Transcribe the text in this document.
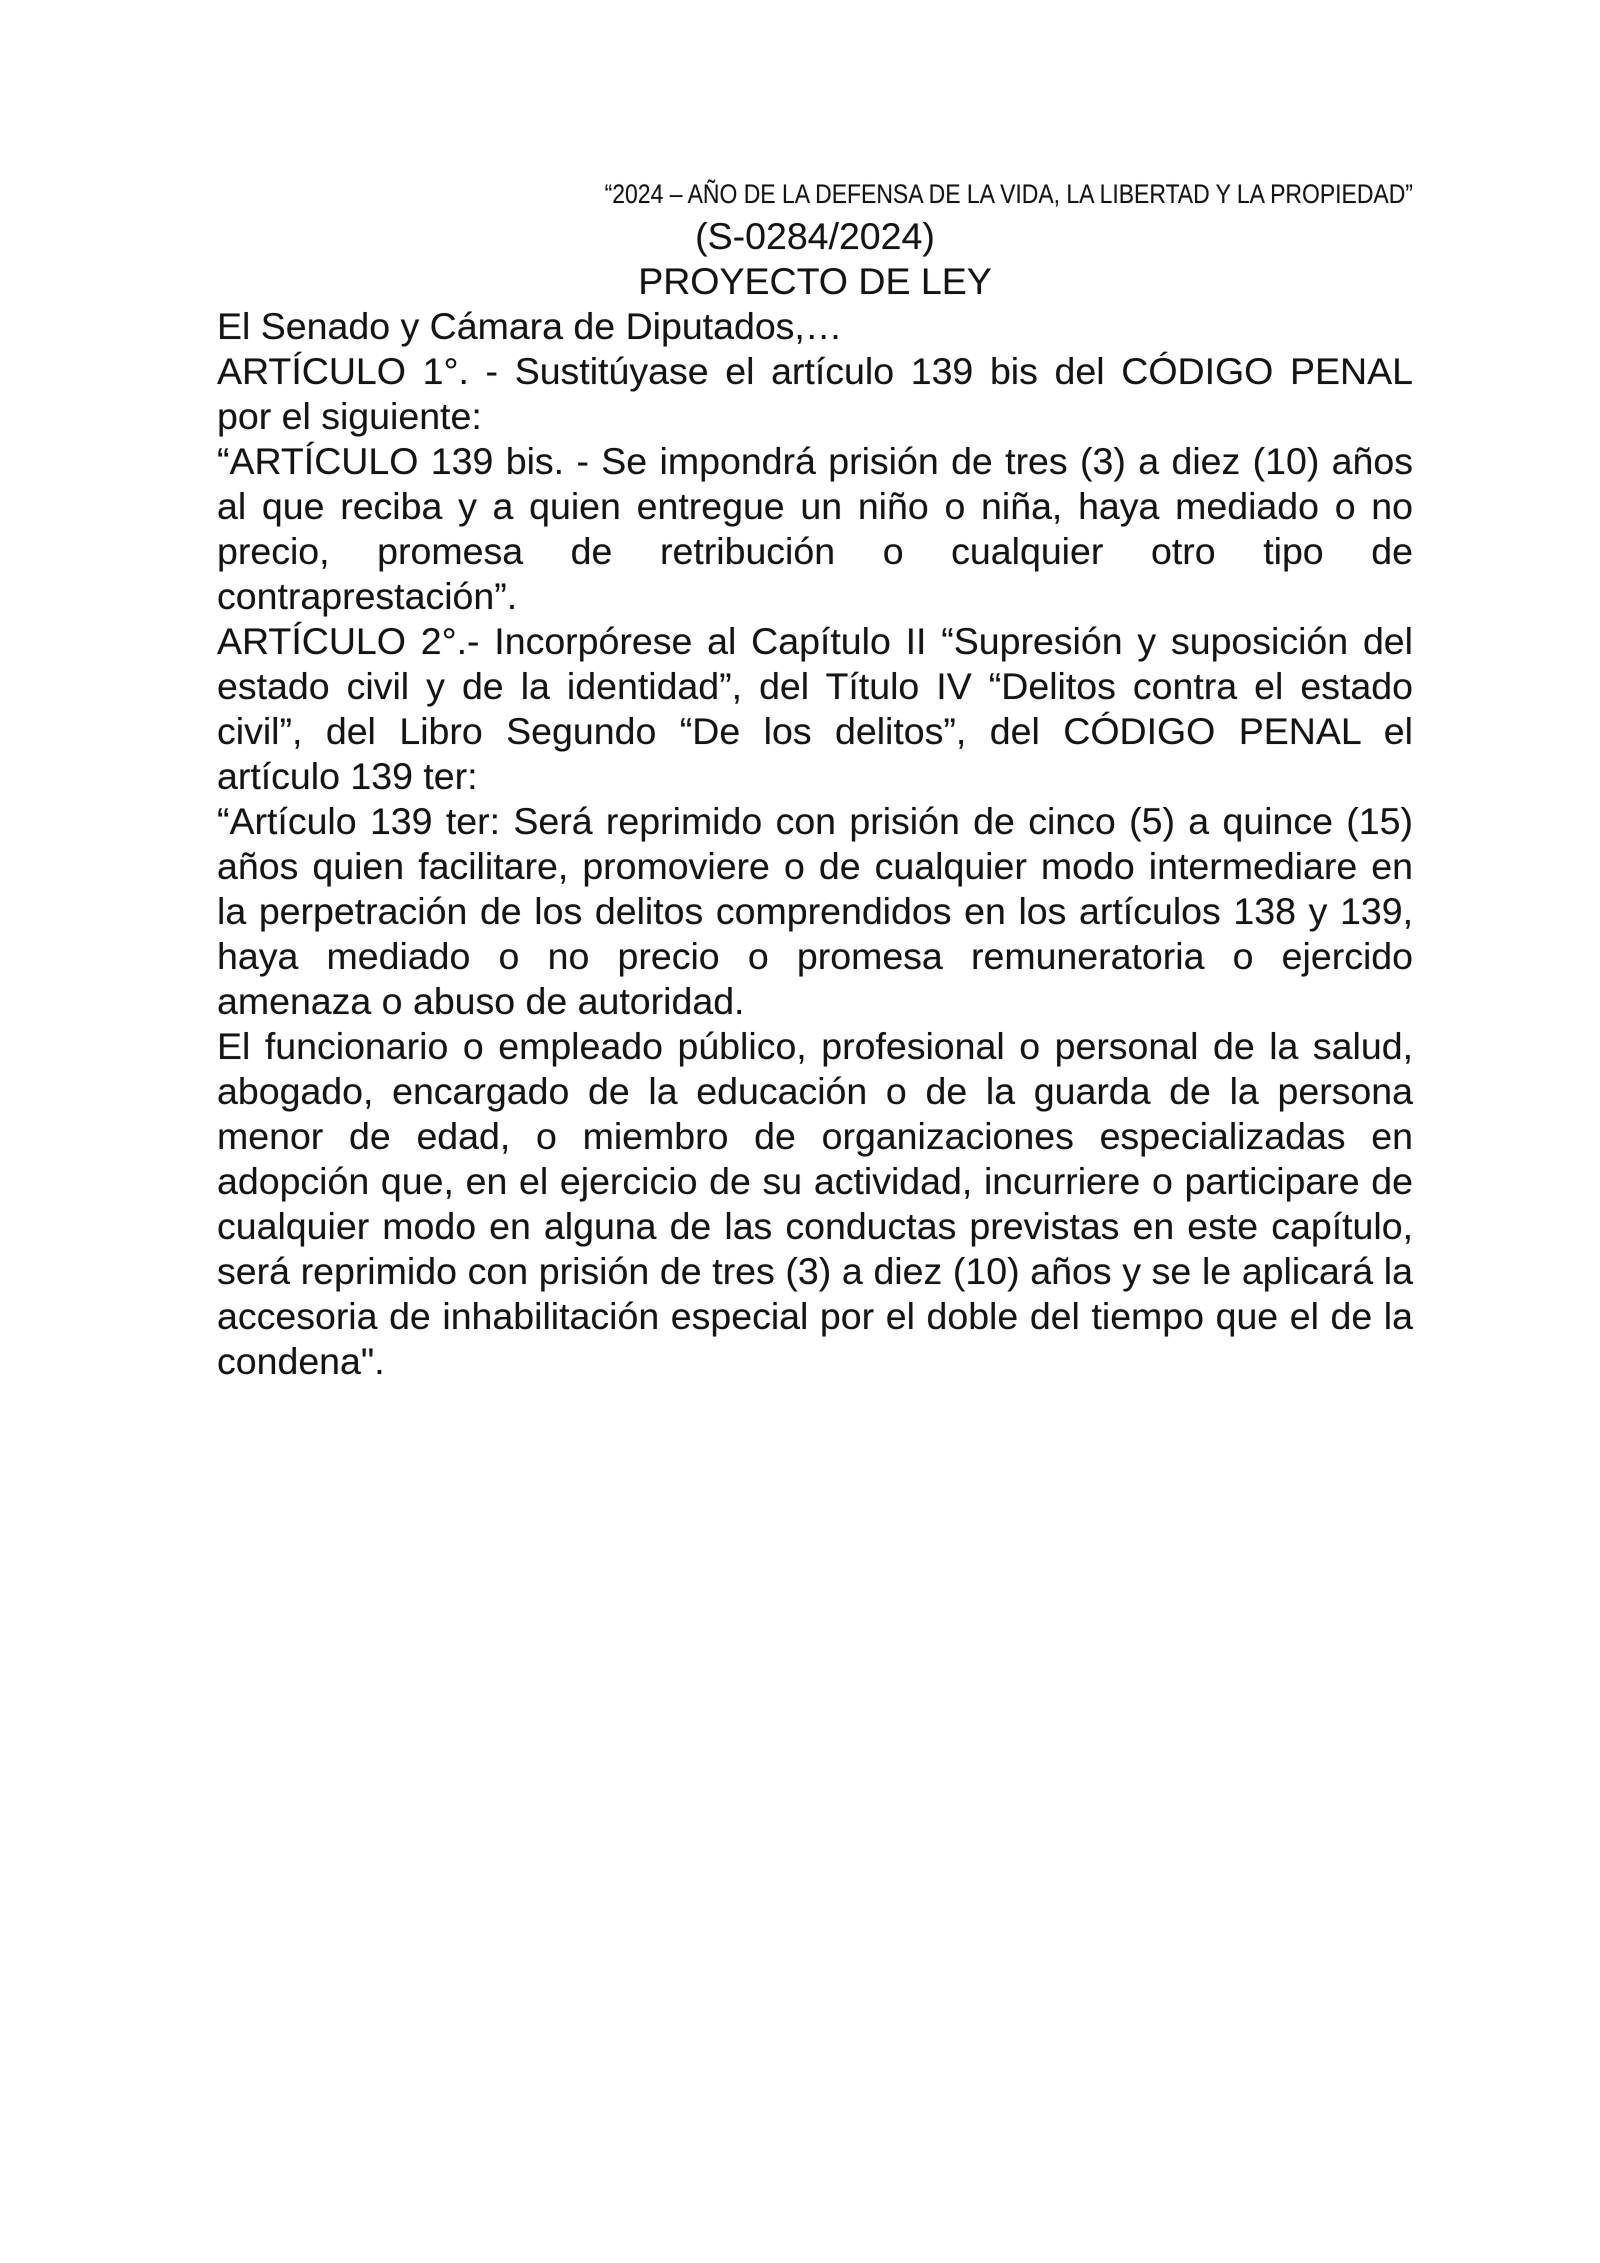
“2024 – AÑO DE LA DEFENSA DE LA VIDA, LA LIBERTAD Y LA PROPIEDAD”

(S-0284/2024)

PROYECTO DE LEY

El Senado y Cámara de Diputados,…

ARTÍCULO 1°. - Sustitúyase el artículo 139 bis del CÓDIGO PENAL por el siguiente:

“ARTÍCULO 139 bis. - Se impondrá prisión de tres (3) a diez (10) años al que reciba y a quien entregue un niño o niña, haya mediado o no precio, promesa de retribución o cualquier otro tipo de contraprestación”.

ARTÍCULO 2°.- Incorpórese al Capítulo II “Supresión y suposición del estado civil y de la identidad”, del Título IV “Delitos contra el estado civil”, del Libro Segundo “De los delitos”, del CÓDIGO PENAL el artículo 139 ter:

“Artículo 139 ter: Será reprimido con prisión de cinco (5) a quince (15) años quien facilitare, promoviere o de cualquier modo intermediare en la perpetración de los delitos comprendidos en los artículos 138 y 139, haya mediado o no precio o promesa remuneratoria o ejercido amenaza o abuso de autoridad.

El funcionario o empleado público, profesional o personal de la salud, abogado, encargado de la educación o de la guarda de la persona menor de edad, o miembro de organizaciones especializadas en adopción que, en el ejercicio de su actividad, incurriere o participare de cualquier modo en alguna de las conductas previstas en este capítulo, será reprimido con prisión de tres (3) a diez (10) años y se le aplicará la accesoria de inhabilitación especial por el doble del tiempo que el de la condena".
